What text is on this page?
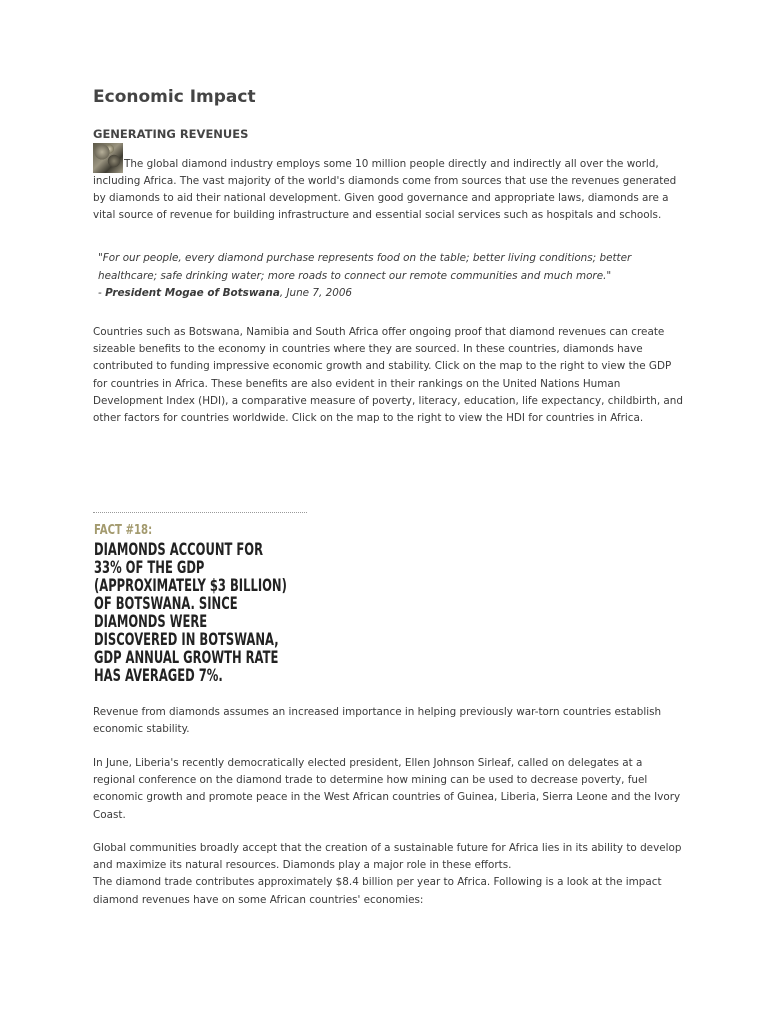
Economic Impact
GENERATING REVENUES

The global diamond industry employs some 10 million people directly and indirectly all over the world, including Africa. The vast majority of the world's diamonds come from sources that use the revenues generated by diamonds to aid their national development. Given good governance and appropriate laws, diamonds are a vital source of revenue for building infrastructure and essential social services such as hospitals and schools.

"For our people, every diamond purchase represents food on the table; better living conditions; better healthcare; safe drinking water; more roads to connect our remote communities and much more."
- President Mogae of Botswana, June 7, 2006

Countries such as Botswana, Namibia and South Africa offer ongoing proof that diamond revenues can create sizeable benefits to the economy in countries where they are sourced. In these countries, diamonds have contributed to funding impressive economic growth and stability. Click on the map to the right to view the GDP for countries in Africa. These benefits are also evident in their rankings on the United Nations Human Development Index (HDI), a comparative measure of poverty, literacy, education, life expectancy, childbirth, and other factors for countries worldwide. Click on the map to the right to view the HDI for countries in Africa.

FACT #18:
DIAMONDS ACCOUNT FOR
33% OF THE GDP
(APPROXIMATELY $3 BILLION)
OF BOTSWANA. SINCE
DIAMONDS WERE
DISCOVERED IN BOTSWANA,
GDP ANNUAL GROWTH RATE
HAS AVERAGED 7%.

Revenue from diamonds assumes an increased importance in helping previously war-torn countries establish economic stability.

In June, Liberia's recently democratically elected president, Ellen Johnson Sirleaf, called on delegates at a regional conference on the diamond trade to determine how mining can be used to decrease poverty, fuel economic growth and promote peace in the West African countries of Guinea, Liberia, Sierra Leone and the Ivory Coast.

Global communities broadly accept that the creation of a sustainable future for Africa lies in its ability to develop and maximize its natural resources. Diamonds play a major role in these efforts.
The diamond trade contributes approximately $8.4 billion per year to Africa. Following is a look at the impact diamond revenues have on some African countries' economies:
